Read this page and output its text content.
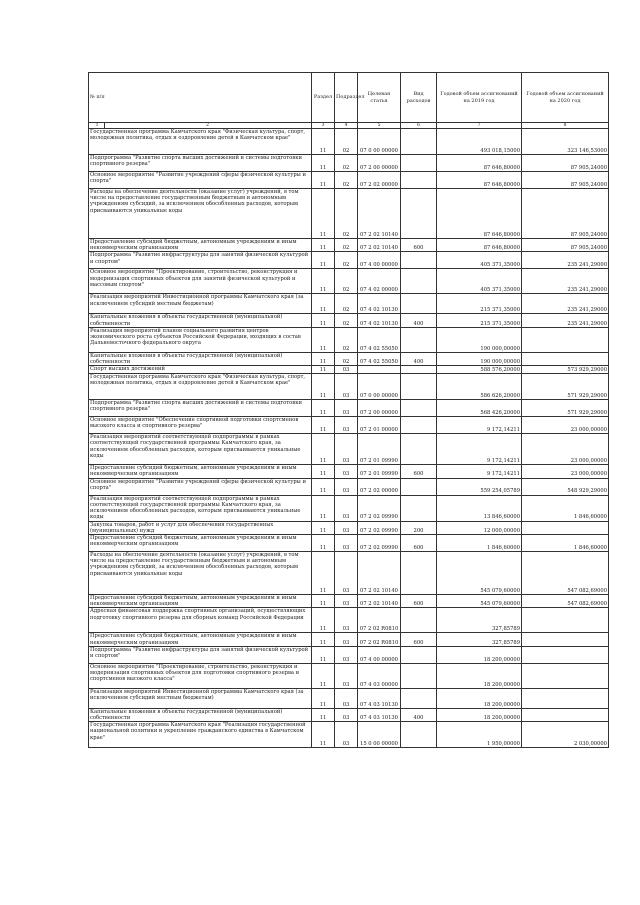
№ п/п	Раздел	Подраздел	Целевая статья	Вид расходов	Годовой объем ассигнований на 2019 год	Годовой объем ассигнований на 2020 год

1 2	3	4	5	6	7	8
Государственная программа Камчатского края "Физическая культура, спорт, молодежная политика, отдых и оздоровление детей в Камчатском крае"	11	02	07 0 00 00000		493 018,15000	323 146,53000
Подпрограмма "Развитие спорта высших достижений и системы подготовки спортивного резерва"	11	02	07 2 00 00000		87 646,80000	87 905,24000
Основное мероприятие "Развитие учреждений сферы физической культуры и спорта"	11	02	07 2 02 00000		87 646,80000	87 905,24000
Расходы на обеспечение деятельности (оказание услуг) учреждений, в том числе на предоставление государственным бюджетным и автономным учреждениям субсидий, за исключением обособленных расходов, которым присваиваются уникальные коды	11	02	07 2 02 10140		87 646,80000	87 905,24000
Предоставление субсидий бюджетным, автономным учреждениям и иным некоммерческим организациям	11	02	07 2 02 10140	600	87 646,80000	87 905,24000
Подпрограмма "Развитие инфраструктуры для занятий физической культурой и спортом"	11	02	07 4 00 00000		405 371,35000	235 241,29000
Основное мероприятие "Проектирование, строительство, реконструкция и модернизация спортивных объектов для занятий физической культурой и массовым спортом"	11	02	07 4 02 00000		405 371,35000	235 241,29000
Реализация мероприятий Инвестиционной программы Камчатского края (за исключением субсидий местным бюджетам)	11	02	07 4 02 10130		215 371,35000	235 241,29000
Капитальные вложения в объекты государственной (муниципальной) собственности	11	02	07 4 02 10130	400	215 371,35000	235 241,29000
Реализация мероприятий планов социального развития центров экономического роста субъектов Российской Федерации, входящих в состав Дальневосточного федерального округа	11	02	07 4 02 55050		190 000,00000	
Капитальные вложения в объекты государственной (муниципальной) собственности	11	02	07 4 02 55050	400	190 000,00000	
Спорт высших достижений	11	03			588 576,20000	573 929,29000
Государственная программа Камчатского края "Физическая культура, спорт, молодежная политика, отдых и оздоровление детей в Камчатском крае"	11	03	07 0 00 00000		586 626,20000	571 929,29000
Подпрограмма "Развитие спорта высших достижений и системы подготовки спортивного резерва"	11	03	07 2 00 00000		568 426,20000	571 929,29000
Основное мероприятие "Обеспечение спортивной подготовки спортсменов высокого класса и спортивного резерва"	11	03	07 2 01 00000		9 172,14211	23 000,00000
Реализация мероприятий соответствующей подпрограммы в рамках соответствующей государственной программы Камчатского края, за исключением обособленных расходов, которым присваиваются уникальные коды	11	03	07 2 01 09990		9 172,14211	23 000,00000
Предоставление субсидий бюджетным, автономным учреждениям и иным некоммерческим организациям	11	03	07 2 01 09990	600	9 172,14211	23 000,00000
Основное мероприятие "Развитие учреждений сферы физической культуры и спорта"	11	03	07 2 02 00000		559 254,05789	548 929,29000
Реализация мероприятий соответствующей подпрограммы в рамках соответствующей государственной программы Камчатского края, за исключением обособленных расходов, которым присваиваются уникальные коды	11	03	07 2 02 09990		13 846,60000	1 846,60000
Закупка товаров, работ и услуг для обеспечения государственных (муниципальных) нужд	11	03	07 2 02 09990	200	12 000,00000	
Предоставление субсидий бюджетным, автономным учреждениям и иным некоммерческим организациям	11	03	07 2 02 09990	600	1 846,60000	1 846,60000
Расходы на обеспечение деятельности (оказание услуг) учреждений, в том числе на предоставление государственным бюджетным и автономным учреждениям субсидий, за исключением обособленных расходов, которым присваиваются уникальные коды	11	03	07 2 02 10140		545 079,60000	547 082,69000
Предоставление субсидий бюджетным, автономным учреждениям и иным некоммерческим организациям	11	03	07 2 02 10140	600	545 079,60000	547 082,69000
Адресная финансовая поддержка спортивных организаций, осуществляющих подготовку спортивного резерва для сборных команд Российской Федерации	11	03	07 2 02 R0810		327,85789	
Предоставление субсидий бюджетным, автономным учреждениям и иным некоммерческим организациям	11	03	07 2 02 R0810	600	327,85789	
Подпрограмма "Развитие инфраструктуры для занятий физической культурой и спортом"	11	03	07 4 00 00000		18 200,00000	
Основное мероприятие "Проектирование, строительство, реконструкция и модернизация спортивных объектов для подготовки спортивного резерва и спортсменов высокого класса"	11	03	07 4 03 00000		18 200,00000	
Реализация мероприятий Инвестиционной программы Камчатского края (за исключением субсидий местным бюджетам)	11	03	07 4 03 10130		18 200,00000	
Капитальные вложения в объекты государственной (муниципальной) собственности	11	03	07 4 03 10130	400	18 200,00000	
Государственная программа Камчатского края "Реализация государственной национальной политики и укрепление гражданского единства в Камчатском крае"	11	03	15 0 00 00000		1 950,00000	2 030,00000
